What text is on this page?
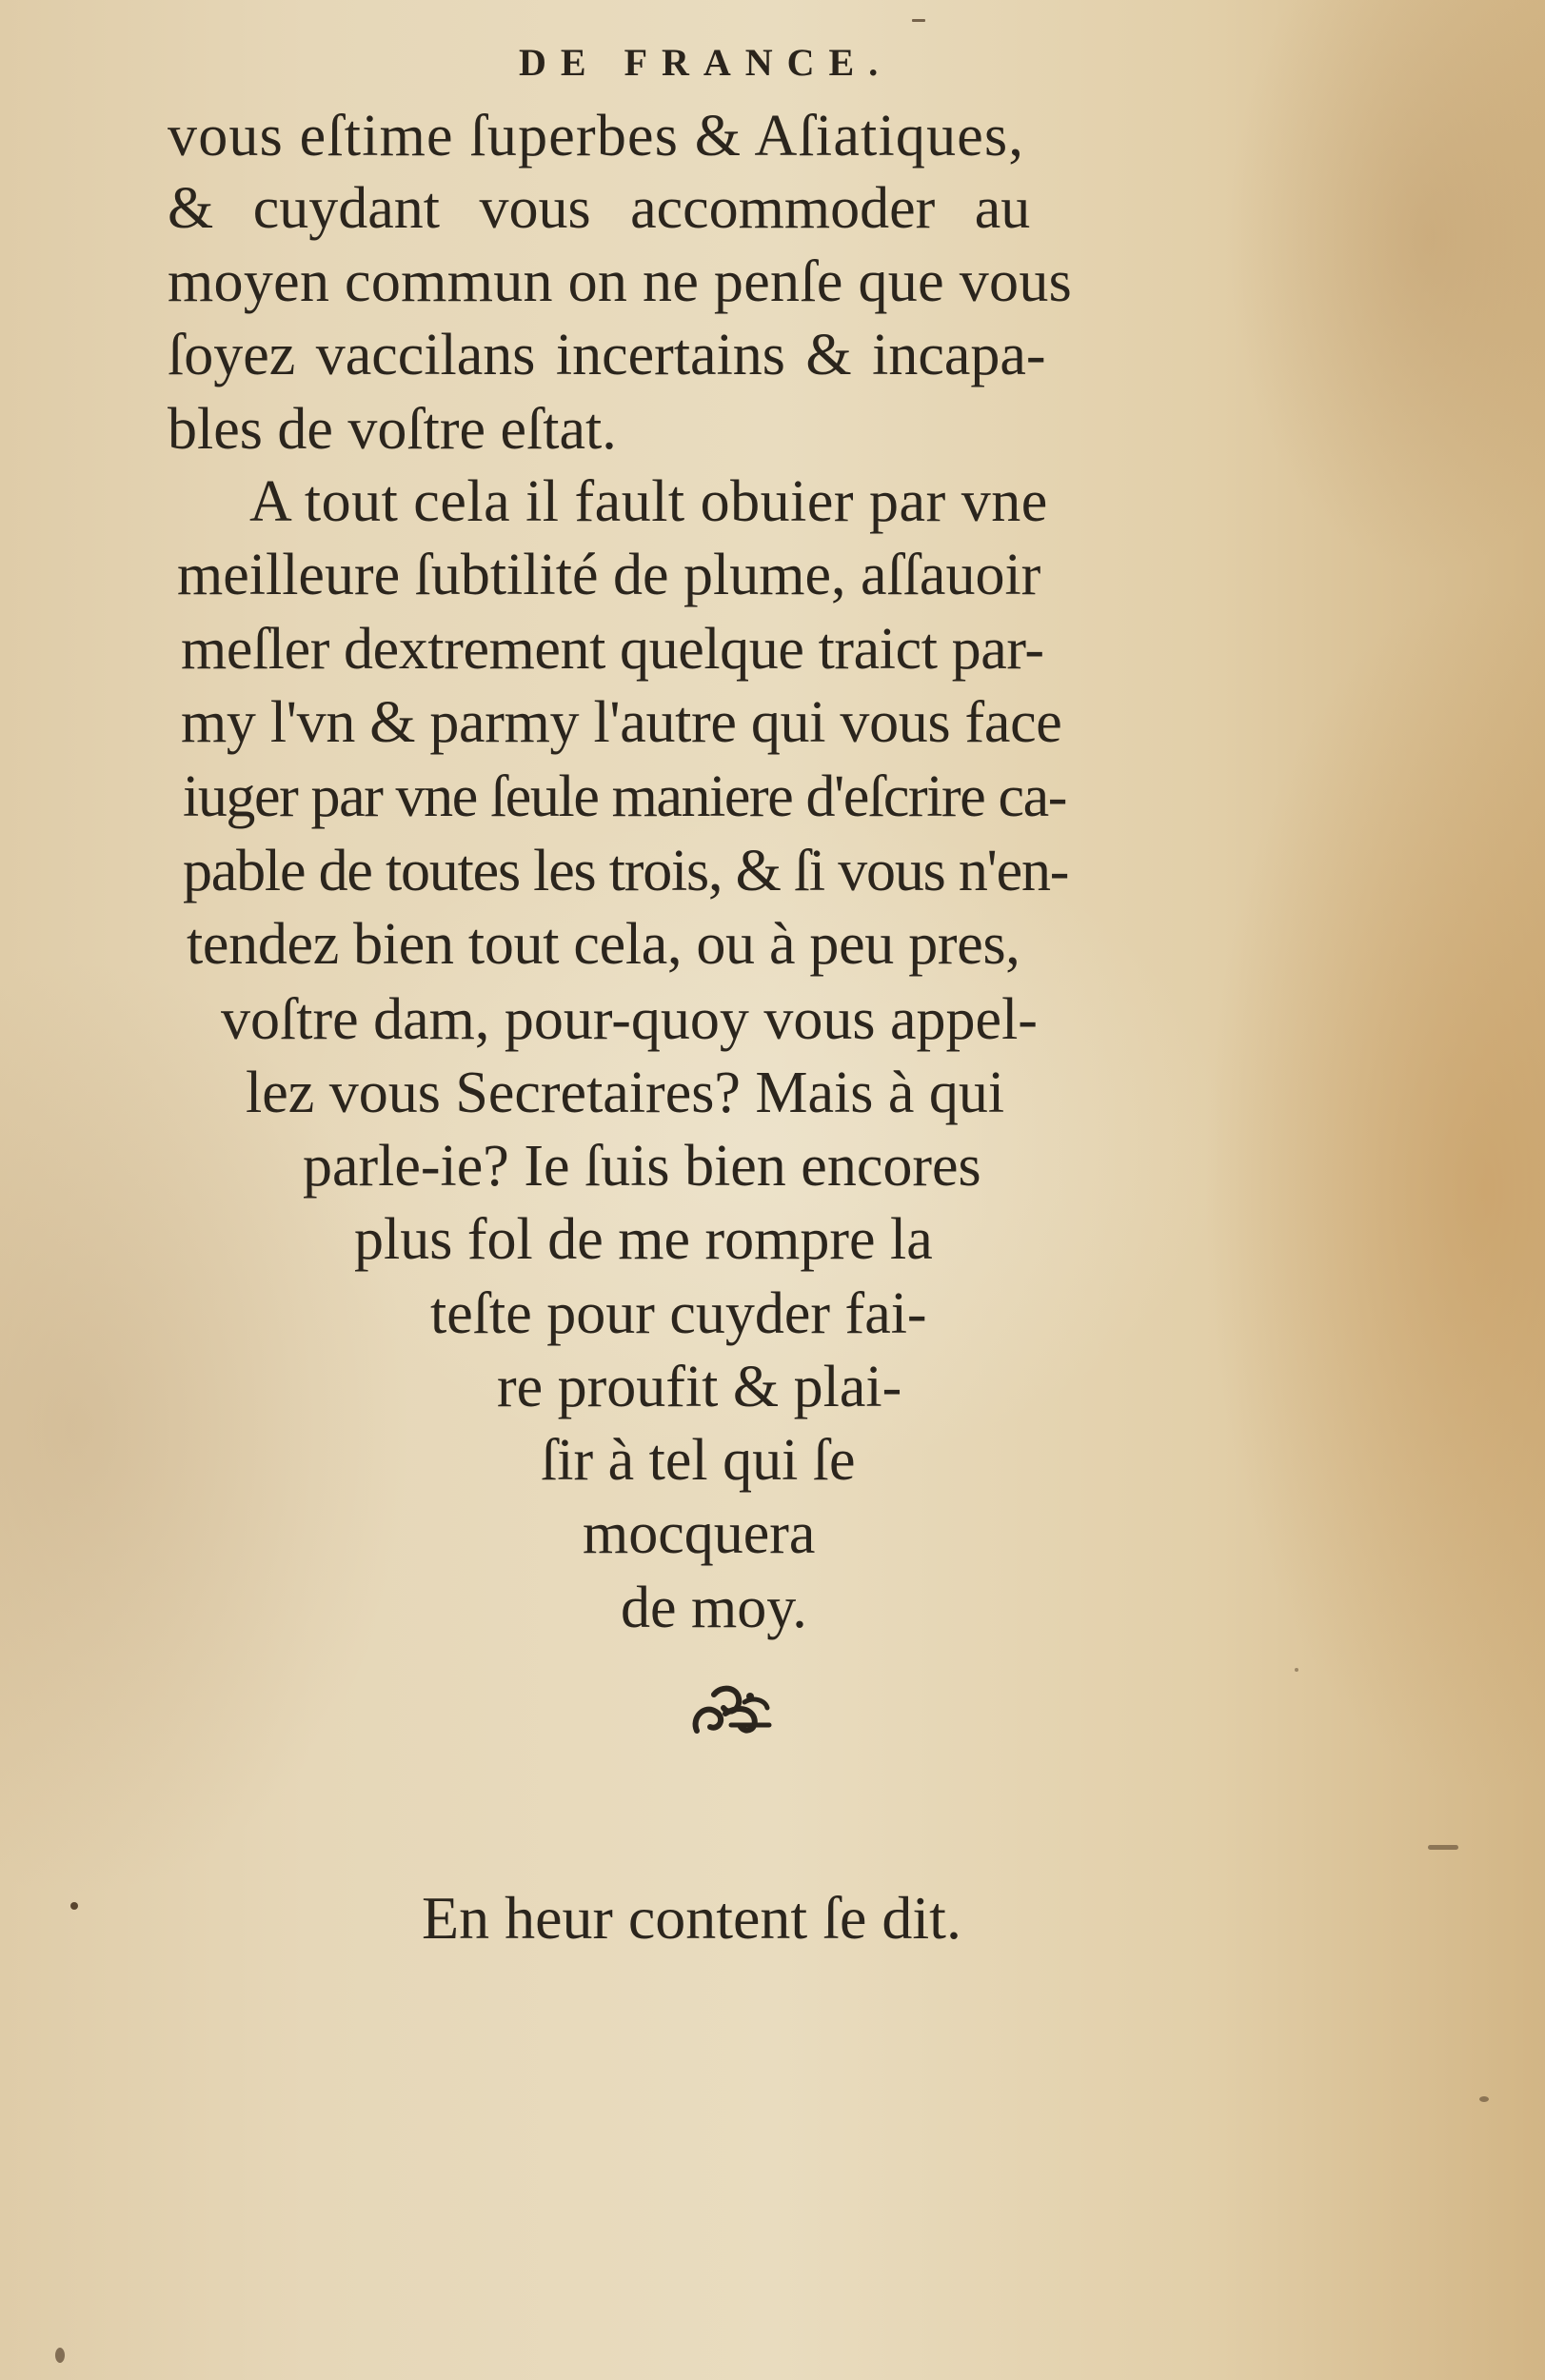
DE FRANCE.
vous eſtime ſuperbes & Aſiatiques,
& cuydant vous accommoder au
moyen commun on ne penſe que vous
ſoyez vaccilans incertains & incapa-
bles de voſtre eſtat.
A tout cela il fault obuier par vne
meilleure ſubtilité de plume, aſſauoir
meſler dextrement quelque traict par-
my l'vn & parmy l'autre qui vous face
iuger par vne ſeule maniere d'eſcrire ca-
pable de toutes les trois, & ſi vous n'en-
tendez bien tout cela, ou à peu pres,
voſtre dam, pour-quoy vous appel-
lez vous Secretaires? Mais à qui
parle-ie? Ie ſuis bien encores
plus fol de me rompre la
teſte pour cuyder fai-
re proufit & plai-
ſir à tel qui ſe
mocquera
de moy.
En heur content ſe dit.
